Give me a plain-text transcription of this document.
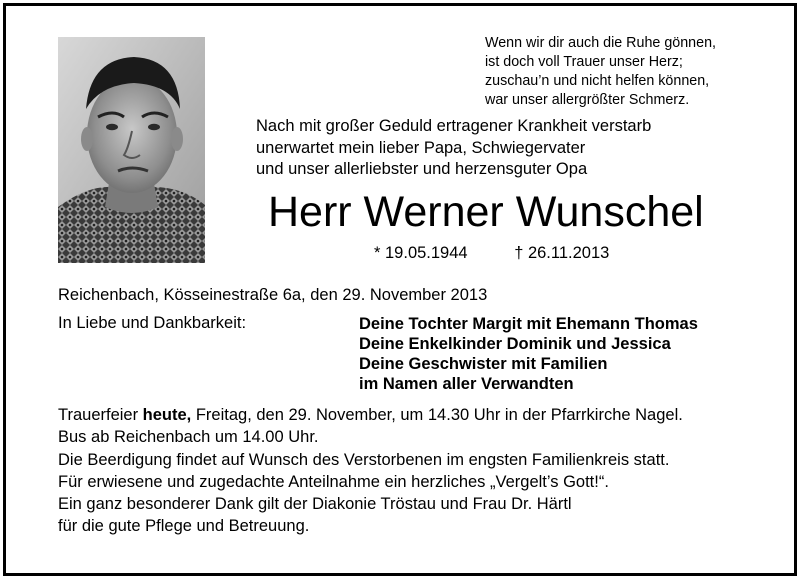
Wenn wir dir auch die Ruhe gönnen,
ist doch voll Trauer unser Herz;
zuschau’n und nicht helfen können,
war unser allergrößter Schmerz.
Nach mit großer Geduld ertragener Krankheit verstarb
unerwartet mein lieber Papa, Schwiegervater
und unser allerliebster und herzensguter Opa
Herr Werner Wunschel
* 19.05.1944	† 26.11.2013
Reichenbach, Kösseinestraße 6a, den 29. November 2013
In Liebe und Dankbarkeit:	Deine Tochter Margit mit Ehemann Thomas
Deine Enkelkinder Dominik und Jessica
Deine Geschwister mit Familien
im Namen aller Verwandten
Trauerfeier heute, Freitag, den 29. November, um 14.30 Uhr in der Pfarrkirche Nagel.
Bus ab Reichenbach um 14.00 Uhr.
Die Beerdigung findet auf Wunsch des Verstorbenen im engsten Familienkreis statt.
Für erwiesene und zugedachte Anteilnahme ein herzliches „Vergelt’s Gott!“.
Ein ganz besonderer Dank gilt der Diakonie Tröstau und Frau Dr. Härtl
für die gute Pflege und Betreuung.
